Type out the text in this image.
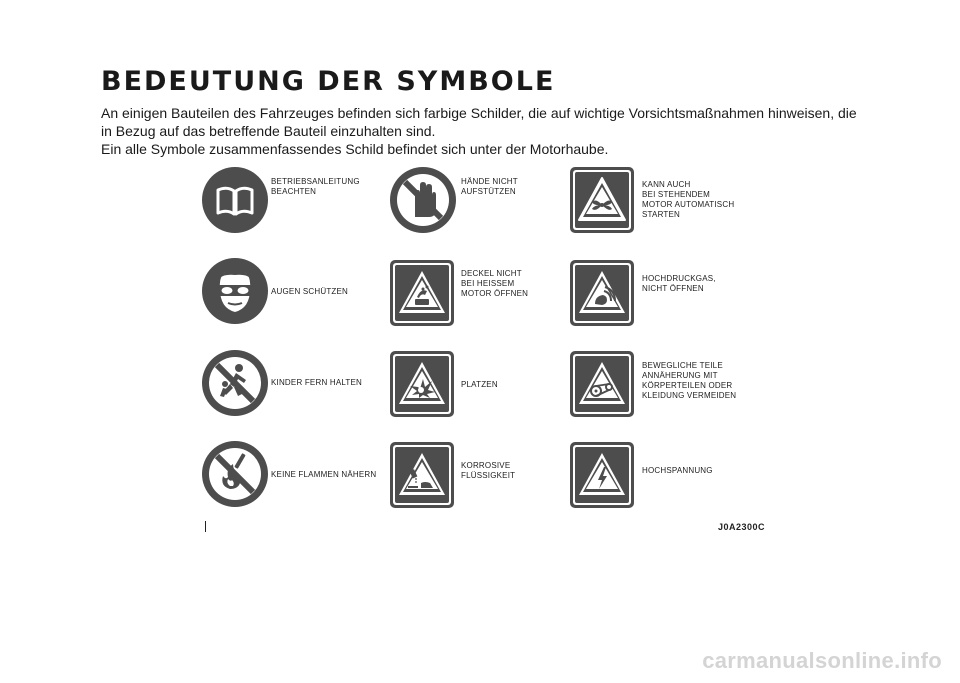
BEDEUTUNG DER SYMBOLE

An einigen Bauteilen des Fahrzeuges befinden sich farbige Schilder, die auf wichtige Vorsichtsmaßnahmen hinweisen, die in Bezug auf das betreffende Bauteil einzuhalten sind.

Ein alle Symbole zusammenfassendes Schild befindet sich unter der Motorhaube.

BETRIEBSANLEITUNG
BEACHTEN
HÄNDE NICHT
AUFSTÜTZEN
KANN AUCH
BEI STEHENDEM
MOTOR AUTOMATISCH
STARTEN
AUGEN SCHÜTZEN
DECKEL NICHT
BEI HEISSEM
MOTOR ÖFFNEN
HOCHDRUCKGAS,
NICHT ÖFFNEN
KINDER FERN HALTEN	PLATZEN
BEWEGLICHE TEILE
ANNÄHERUNG MIT
KÖRPERTEILEN ODER
KLEIDUNG VERMEIDEN
KEINE FLAMMEN NÄHERN
KORROSIVE
FLÜSSIGKEIT
HOCHSPANNUNG
J0A2300C
carmanualsonline.info
